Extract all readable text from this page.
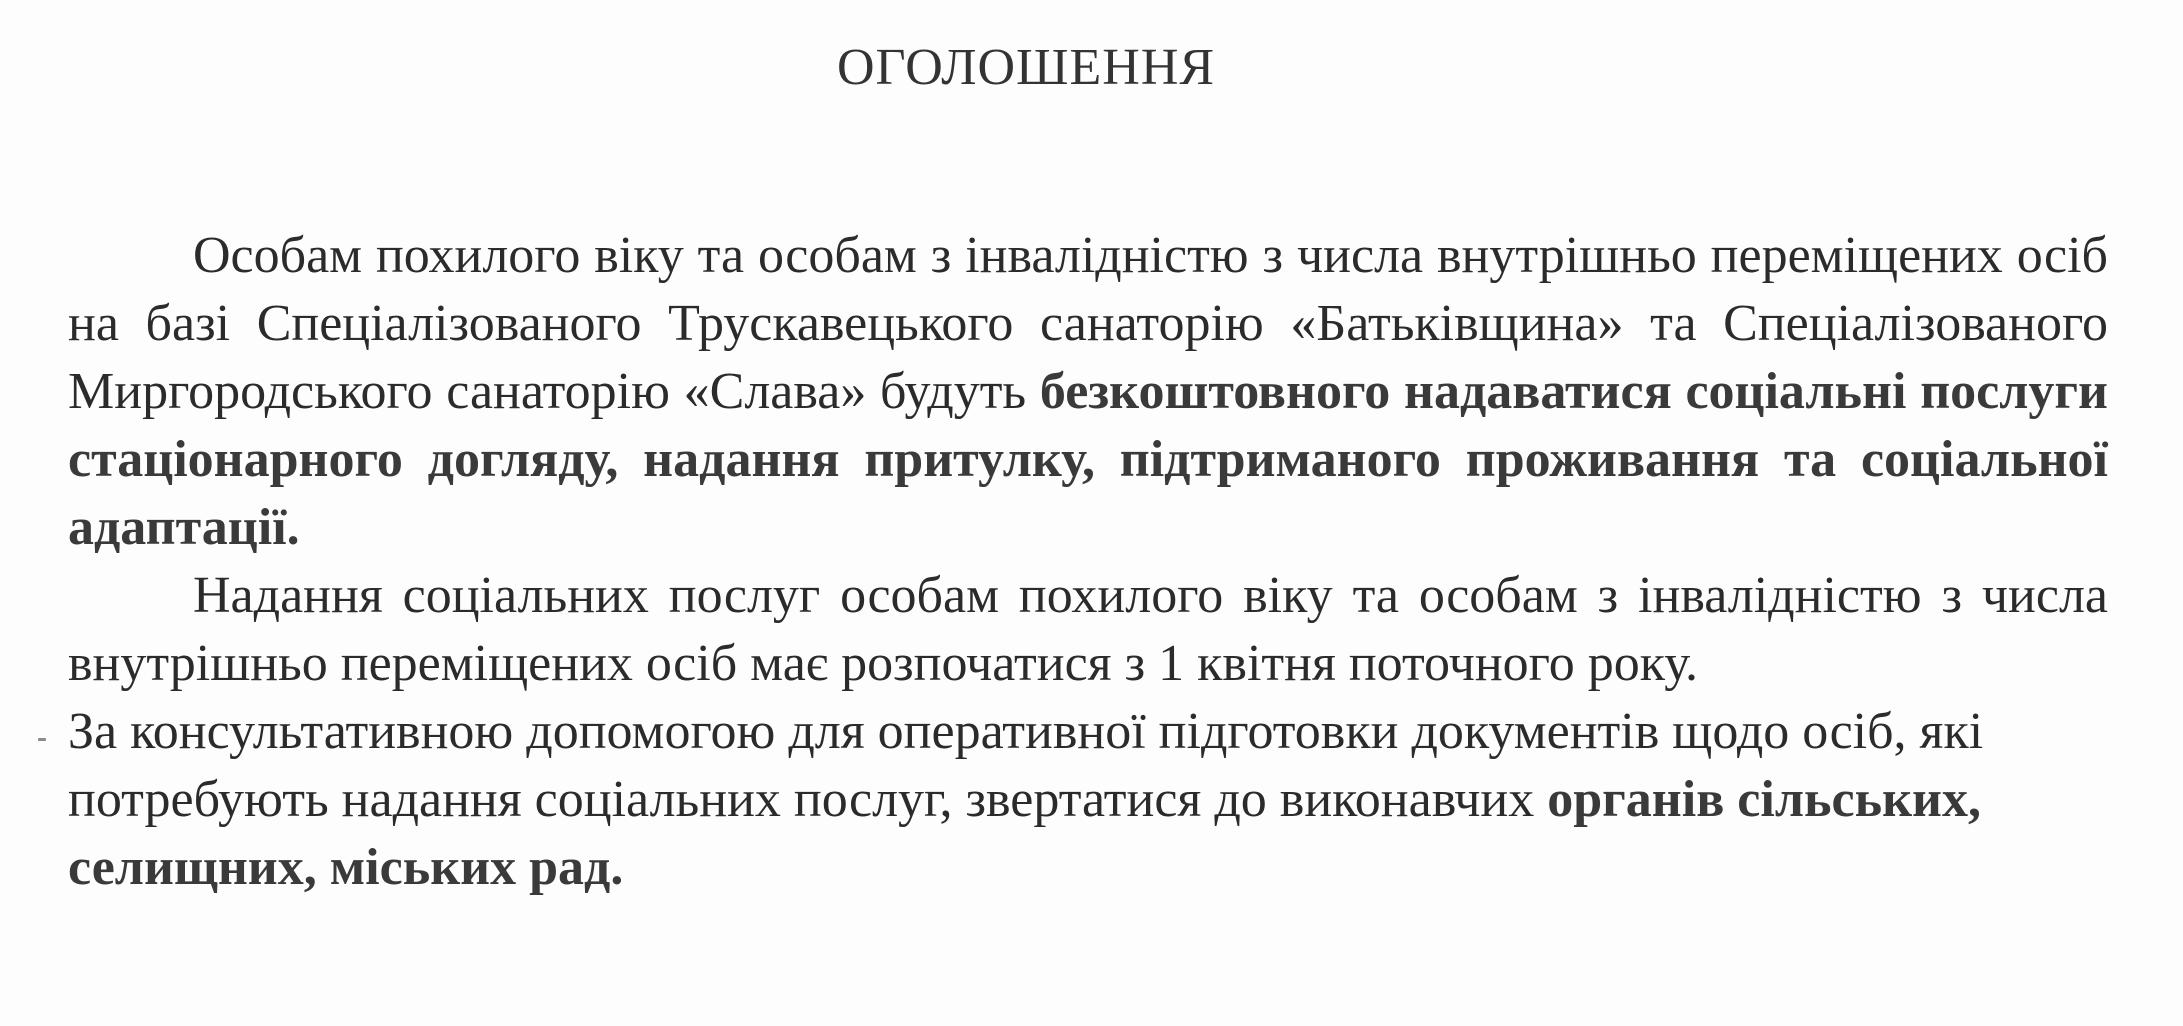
ОГОЛОШЕННЯ

Особам похилого віку та особам з інвалідністю з числа внутрішньо переміщених осіб на базі Спеціалізованого Трускавецького санаторію «Батьківщина» та Спеціалізованого Миргородського санаторію «Слава» будуть безкоштовного надаватися соціальні послуги стаціонарного догляду, надання притулку, підтриманого проживання та соціальної адаптації.

Надання соціальних послуг особам похилого віку та особам з інвалідністю з числа внутрішньо переміщених осіб має розпочатися з 1 квітня поточного року.

За консультативною допомогою для оперативної підготовки документів щодо осіб, які потребують надання соціальних послуг, звертатися до виконавчих органів сільських, селищних, міських рад.
